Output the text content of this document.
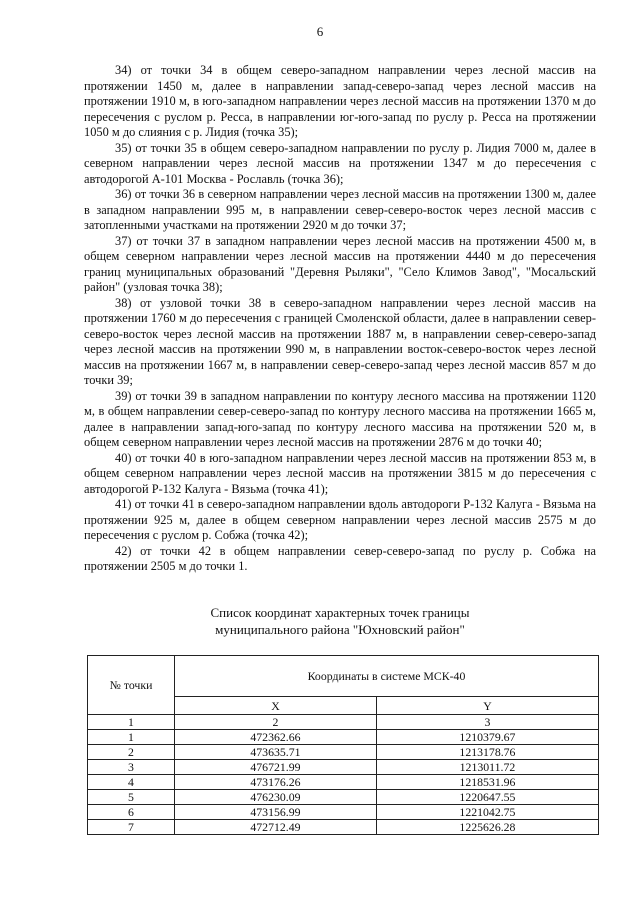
6

34) от точки 34 в общем северо-западном направлении через лесной массив на протяжении 1450 м, далее в направлении запад-северо-запад через лесной массив на протяжении 1910 м, в юго-западном направлении через лесной массив на протяжении 1370 м до пересечения с руслом р. Ресса, в направлении юг-юго-запад по руслу р. Ресса на протяжении 1050 м до слияния с р. Лидия (точка 35);

35) от точки 35 в общем северо-западном направлении по руслу р. Лидия 7000 м, далее в северном направлении через лесной массив на протяжении 1347 м до пересечения с автодорогой А-101 Москва - Рославль (точка 36);

36) от точки 36 в северном направлении через лесной массив на протяжении 1300 м, далее в западном направлении 995 м, в направлении север-северо-восток через лесной массив с затопленными участками на протяжении 2920 м до точки 37;

37) от точки 37 в западном направлении через лесной массив на протяжении 4500 м, в общем северном направлении через лесной массив на протяжении 4440 м до пересечения границ муниципальных образований "Деревня Рыляки", "Село Климов Завод", "Мосальский район" (узловая точка 38);

38) от узловой точки 38 в северо-западном направлении через лесной массив на протяжении 1760 м до пересечения с границей Смоленской области, далее в направлении север-северо-восток через лесной массив на протяжении 1887 м, в направлении север-северо-запад через лесной массив на протяжении 990 м, в направлении восток-северо-восток через лесной массив на протяжении 1667 м, в направлении север-северо-запад через лесной массив 857 м до точки 39;

39) от точки 39 в западном направлении по контуру лесного массива на протяжении 1120 м, в общем направлении север-северо-запад по контуру лесного массива на протяжении 1665 м, далее в направлении запад-юго-запад по контуру лесного массива на протяжении 520 м, в общем северном направлении через лесной массив на протяжении 2876 м до точки 40;

40) от точки 40 в юго-западном направлении через лесной массив на протяжении 853 м, в общем северном направлении через лесной массив на протяжении 3815 м до пересечения с автодорогой Р-132 Калуга - Вязьма (точка 41);

41) от точки 41 в северо-западном направлении вдоль автодороги Р-132 Калуга - Вязьма на протяжении 925 м, далее в общем северном направлении через лесной массив 2575 м до пересечения с руслом р. Собжа (точка 42);

42) от точки 42 в общем направлении север-северо-запад по руслу р. Собжа на протяжении 2505 м до точки 1.

Список координат характерных точек границы
муниципального района "Юхновский район"
№ точки	Координаты в системе МСК-40	
	X	Y
1	2	3
1	472362.66	1210379.67
2	473635.71	1213178.76
3	476721.99	1213011.72
4	473176.26	1218531.96
5	476230.09	1220647.55
6	473156.99	1221042.75
7	472712.49	1225626.28
